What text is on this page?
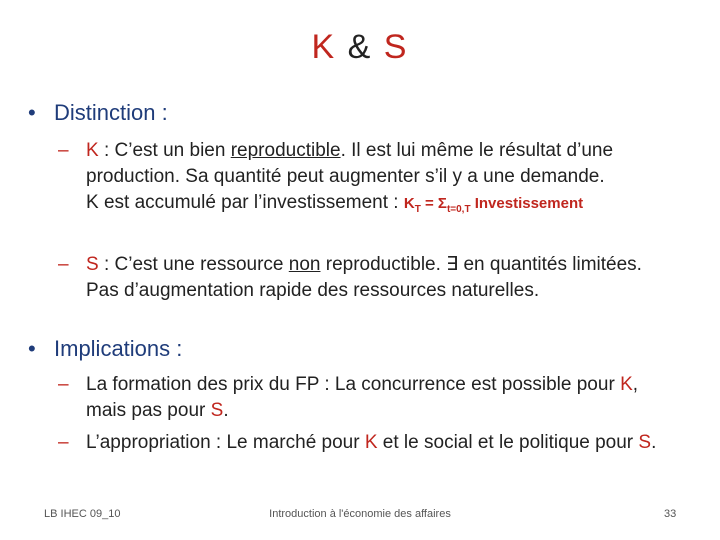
K & S
• Distinction :
– K : C’est un bien reproductible. Il est lui même le résultat d’une production. Sa quantité peut augmenter s’il y a une demande.
K est accumulé par l’investissement : $K_T = \Sigma_{t=0,T}$ Investissement
– S : C’est une ressource non reproductible. ∃ en quantités limitées. Pas d’augmentation rapide des ressources naturelles.
• Implications :
– La formation des prix du FP : La concurrence est possible pour K, mais pas pour S.
– L’appropriation : Le marché pour K et le social et le politique pour S.
LB IHEC 09_10	Introduction à l'économie des affaires	33
